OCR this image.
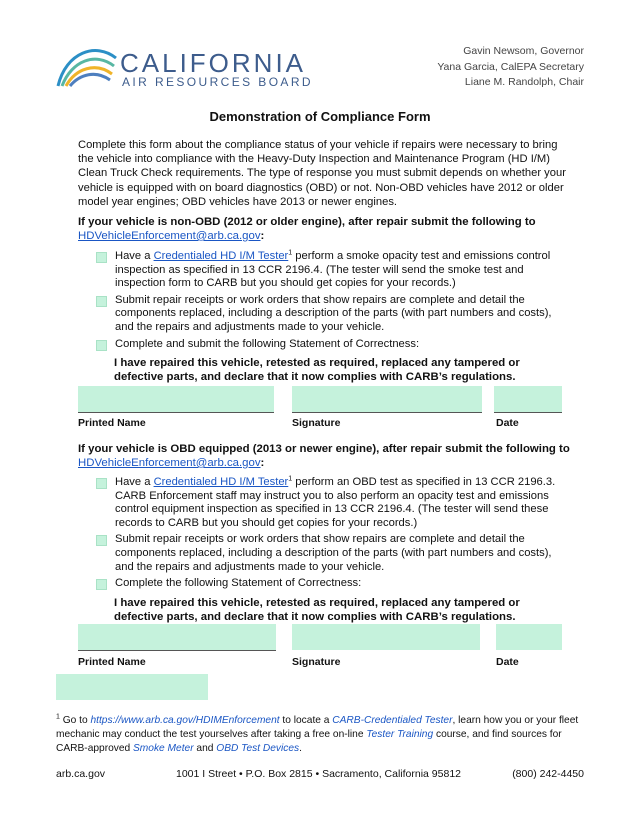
CALIFORNIA
AIR RESOURCES BOARD
Gavin Newsom, Governor
Yana Garcia, CalEPA Secretary
Liane M. Randolph, Chair
Demonstration of Compliance Form
Complete this form about the compliance status of your vehicle if repairs were necessary to bring the vehicle into compliance with the Heavy-Duty Inspection and Maintenance Program (HD I/M) Clean Truck Check requirements. The type of response you must submit depends on whether your vehicle is equipped with on board diagnostics (OBD) or not. Non-OBD vehicles have 2012 or older model year engines; OBD vehicles have 2013 or newer engines.
If your vehicle is non-OBD (2012 or older engine), after repair submit the following to
HDVehicleEnforcement@arb.ca.gov:
Have a Credentialed HD I/M Tester$^1$ perform a smoke opacity test and emissions control inspection as specified in 13 CCR 2196.4. (The tester will send the smoke test and inspection form to CARB but you should get copies for your records.)
Submit repair receipts or work orders that show repairs are complete and detail the components replaced, including a description of the parts (with part numbers and costs), and the repairs and adjustments made to your vehicle.
Complete and submit the following Statement of Correctness:
I have repaired this vehicle, retested as required, replaced any tampered or defective parts, and declare that it now complies with CARB’s regulations.
Printed Name	Signature	Date
If your vehicle is OBD equipped (2013 or newer engine), after repair submit the following to
HDVehicleEnforcement@arb.ca.gov:
Have a Credentialed HD I/M Tester$^1$ perform an OBD test as specified in 13 CCR 2196.3. CARB Enforcement staff may instruct you to also perform an opacity test and emissions control equipment inspection as specified in 13 CCR 2196.4. (The tester will send these records to CARB but you should get copies for your records.)
Submit repair receipts or work orders that show repairs are complete and detail the components replaced, including a description of the parts (with part numbers and costs), and the repairs and adjustments made to your vehicle.
Complete the following Statement of Correctness:
I have repaired this vehicle, retested as required, replaced any tampered or defective parts, and declare that it now complies with CARB’s regulations.
Printed Name	Signature	Date
$^1$ Go to https://www.arb.ca.gov/HDIMEnforcement to locate a CARB-Credentialed Tester, learn how you or your fleet mechanic may conduct the test yourselves after taking a free on-line Tester Training course, and find sources for CARB-approved Smoke Meter and OBD Test Devices.
arb.ca.gov	1001 I Street • P.O. Box 2815 • Sacramento, California 95812	(800) 242-4450
